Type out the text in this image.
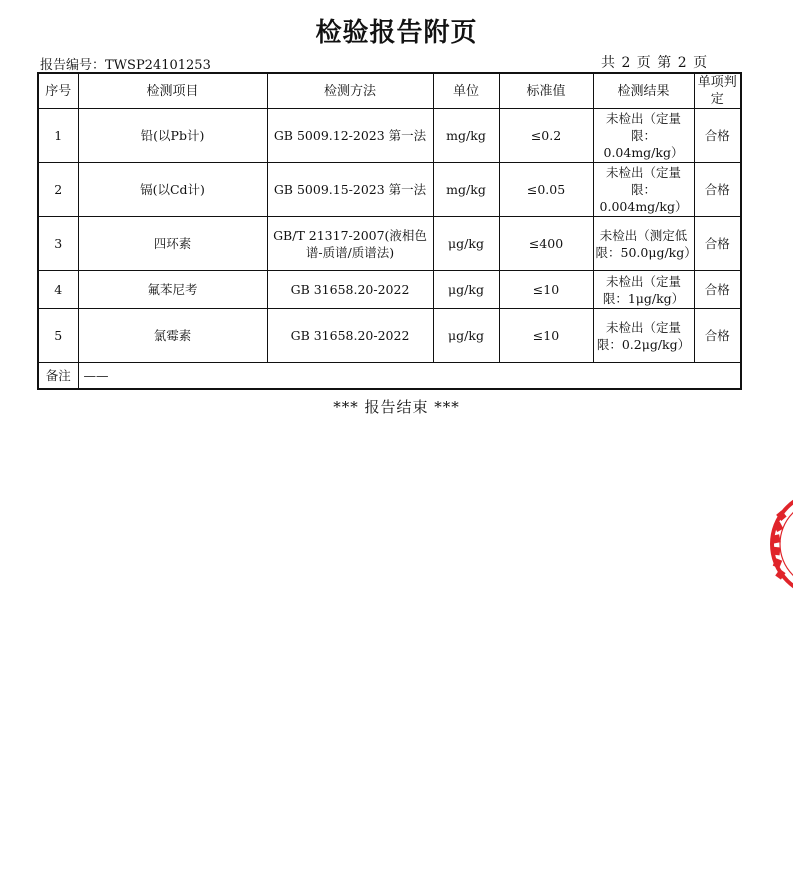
检验报告附页
报告编号：TWSP24101253	共 2 页 第 2 页
序号	检测项目	检测方法	单位	标准值	检测结果	单项判定
1	铅(以Pb计)	GB 5009.12-2023 第一法	mg/kg	≤0.2	未检出（定量限：0.04mg/kg）	合格
2	镉(以Cd计)	GB 5009.15-2023 第一法	mg/kg	≤0.05	未检出（定量限：0.004mg/kg）	合格
3	四环素	GB/T 21317-2007(液相色谱-质谱/质谱法)	μg/kg	≤400	未检出（测定低限：50.0μg/kg）	合格
4	氟苯尼考	GB 31658.20-2022	μg/kg	≤10	未检出（定量限：1μg/kg）	合格
5	氯霉素	GB 31658.20-2022	μg/kg	≤10	未检出（定量限：0.2μg/kg）	合格
备注	——					
*** 报告结束 ***
